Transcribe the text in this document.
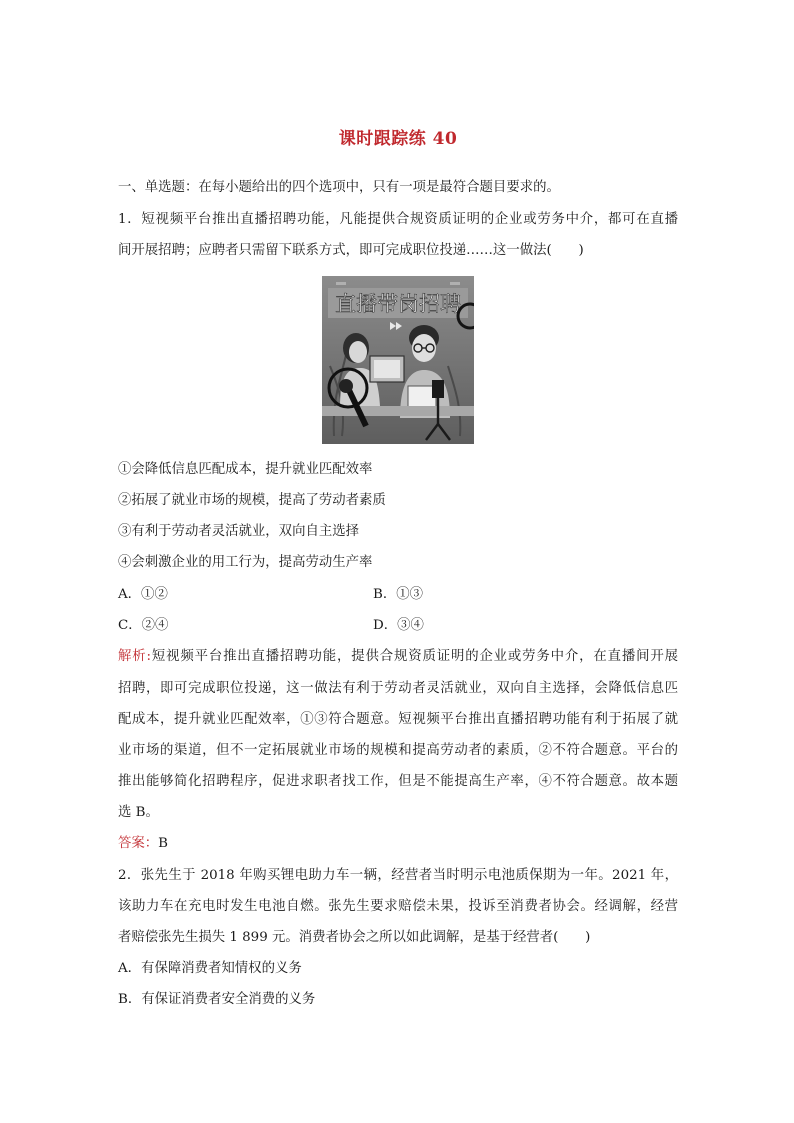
课时跟踪练 40
一、单选题：在每小题给出的四个选项中，只有一项是最符合题目要求的。
1．短视频平台推出直播招聘功能，凡能提供合规资质证明的企业或劳务中介，都可在直播
间开展招聘；应聘者只需留下联系方式，即可完成职位投递……这一做法(　　)
直播带岗招聘
①会降低信息匹配成本，提升就业匹配效率
②拓展了就业市场的规模，提高了劳动者素质
③有利于劳动者灵活就业，双向自主选择
④会刺激企业的用工行为，提高劳动生产率
A．①②	B．①③
C．②④	D．③④
解析:短视频平台推出直播招聘功能，提供合规资质证明的企业或劳务中介，在直播间开展
招聘，即可完成职位投递，这一做法有利于劳动者灵活就业，双向自主选择，会降低信息匹
配成本，提升就业匹配效率，①③符合题意。短视频平台推出直播招聘功能有利于拓展了就
业市场的渠道，但不一定拓展就业市场的规模和提高劳动者的素质，②不符合题意。平台的
推出能够简化招聘程序，促进求职者找工作，但是不能提高生产率，④不符合题意。故本题
选 B。
答案：B
2．张先生于 2018 年购买锂电助力车一辆，经营者当时明示电池质保期为一年。2021 年，
该助力车在充电时发生电池自燃。张先生要求赔偿未果，投诉至消费者协会。经调解，经营
者赔偿张先生损失 1 899 元。消费者协会之所以如此调解，是基于经营者(　　)
A．有保障消费者知情权的义务
B．有保证消费者安全消费的义务
